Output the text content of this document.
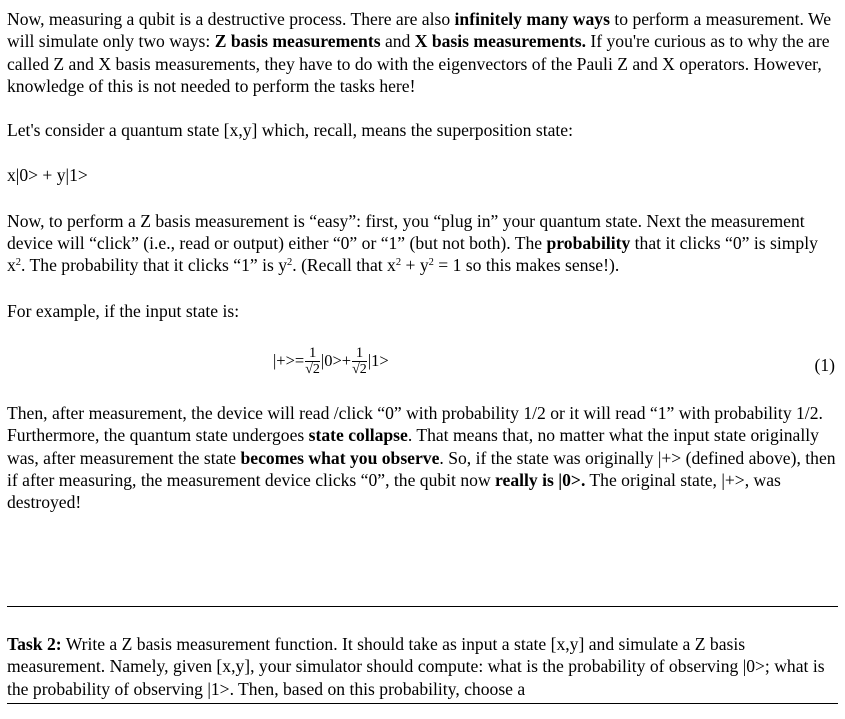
Now, measuring a qubit is a destructive process. There are also infinitely many ways to perform a measurement. We will simulate only two ways: Z basis measurements and X basis measurements. If you're curious as to why the are called Z and X basis measurements, they have to do with the eigenvectors of the Pauli Z and X operators. However, knowledge of this is not needed to perform the tasks here!

Let's consider a quantum state [x,y] which, recall, means the superposition state:

x|0> + y|1>

Now, to perform a Z basis measurement is “easy”: first, you “plug in” your quantum state. Next the measurement device will “click” (i.e., read or output) either “0” or “1” (but not both). The probability that it clicks “0” is simply $x^2$. The probability that it clicks “1” is $y^2$. (Recall that $x^2 + y^2 = 1$ so this makes sense!).

For example, if the input state is:

|+>= $\frac{1}{√2} |0>+ \frac{1}{√2} |1>$	(1)

Then, after measurement, the device will read /click “0” with probability 1/2 or it will read “1” with probability 1/2. Furthermore, the quantum state undergoes state collapse. That means that, no matter what the input state originally was, after measurement the state becomes what you observe. So, if the state was originally |+> (defined above), then if after measuring, the measurement device clicks “0”, the qubit now really is |0>. The original state, |+>, was destroyed!

Task 2: Write a Z basis measurement function. It should take as input a state [x,y] and simulate a Z basis measurement. Namely, given [x,y], your simulator should compute: what is the probability of observing |0>; what is the probability of observing |1>. Then, based on this probability, choose a
